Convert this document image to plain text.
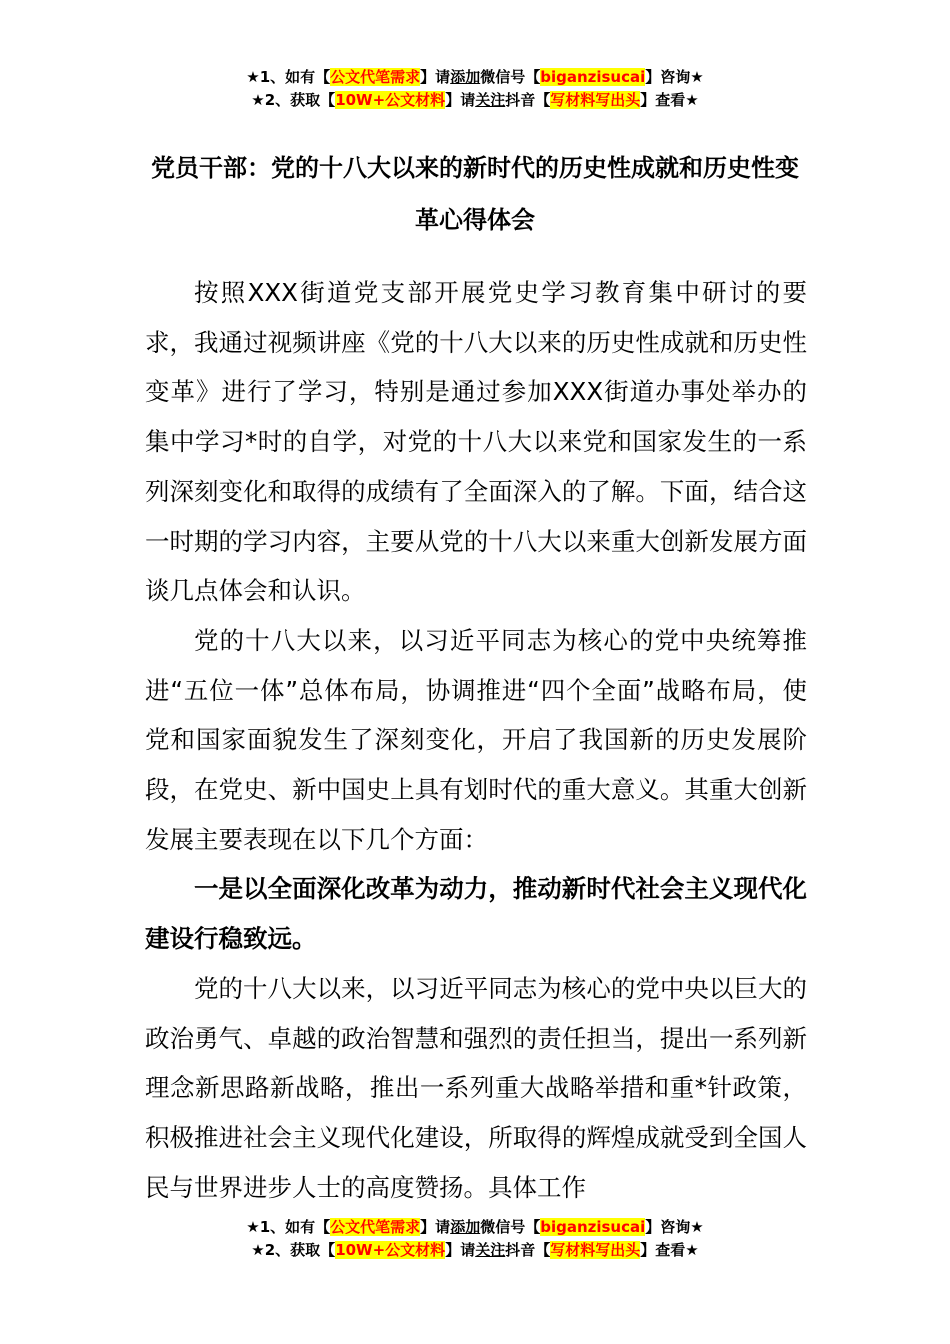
★1、如有【公文代笔需求】请添加微信号【biganzisucai】咨询★
★2、获取【10W+公文材料】请关注抖音【写材料写出头】查看★
党员干部：党的十八大以来的新时代的历史性成就和历史性变革心得体会

按照XXX街道党支部开展党史学习教育集中研讨的要求，我通过视频讲座《党的十八大以来的历史性成就和历史性变革》进行了学习，特别是通过参加XXX街道办事处举办的集中学习*时的自学，对党的十八大以来党和国家发生的一系列深刻变化和取得的成绩有了全面深入的了解。下面，结合这一时期的学习内容，主要从党的十八大以来重大创新发展方面谈几点体会和认识。

党的十八大以来，以习近平同志为核心的党中央统筹推进“五位一体”总体布局，协调推进“四个全面”战略布局，使党和国家面貌发生了深刻变化，开启了我国新的历史发展阶段，在党史、新中国史上具有划时代的重大意义。其重大创新发展主要表现在以下几个方面：

一是以全面深化改革为动力，推动新时代社会主义现代化建设行稳致远。

党的十八大以来，以习近平同志为核心的党中央以巨大的政治勇气、卓越的政治智慧和强烈的责任担当，提出一系列新理念新思路新战略，推出一系列重大战略举措和重*针政策，积极推进社会主义现代化建设，所取得的辉煌成就受到全国人民与世界进步人士的高度赞扬。具体工作

★1、如有【公文代笔需求】请添加微信号【biganzisucai】咨询★
★2、获取【10W+公文材料】请关注抖音【写材料写出头】查看★
